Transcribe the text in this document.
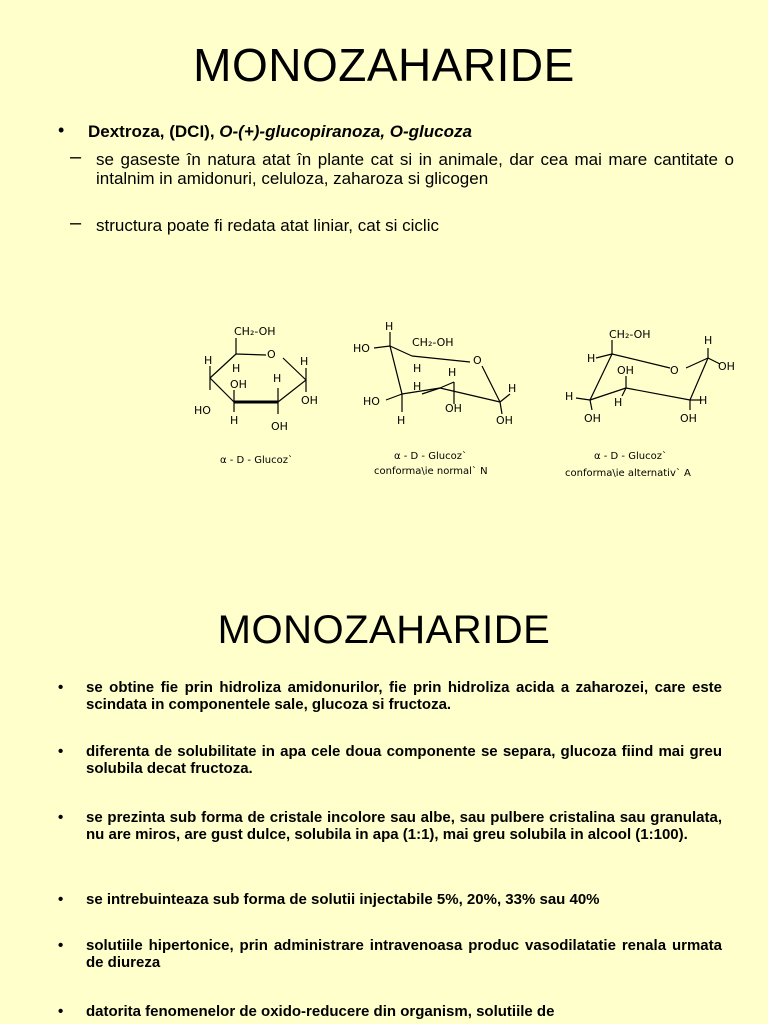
MONOZAHARIDE
• Dextroza, (DCI), O-(+)-glucopiranoza, O-glucoza
– se gaseste în natura atat în plante cat si in animale, dar cea mai mare cantitate o intalnim in amidonuri, celuloza, zaharoza si glicogen
– structura poate fi redata atat liniar, cat si ciclic
CH₂-OH
O
H
H
H
OH H
HO
H
OH
OH
α - D - Glucoz`
H
HO	CH₂-OH
O
H H
H
HO
H
OH
H
OH
α - D - Glucoz`
conforma\ie normal` N
CH₂-OH
H
H
O	OH
OH
H
H	H
OH	OH
α - D - Glucoz`
conforma\ie alternativ` A
MONOZAHARIDE
• se obtine fie prin hidroliza amidonurilor, fie prin hidroliza acida a zaharozei, care este scindata in componentele sale, glucoza si fructoza.
• diferenta de solubilitate in apa cele doua componente se separa, glucoza fiind mai greu solubila decat fructoza.
• se prezinta sub forma de cristale incolore sau albe, sau pulbere cristalina sau granulata, nu are miros, are gust dulce, solubila in apa (1:1), mai greu solubila in alcool (1:100).
• se intrebuinteaza sub forma de solutii injectabile 5%, 20%, 33% sau 40%
• solutiile hipertonice, prin administrare intravenoasa produc vasodilatatie renala urmata de diureza
• datorita fenomenelor de oxido-reducere din organism, solutiile de
